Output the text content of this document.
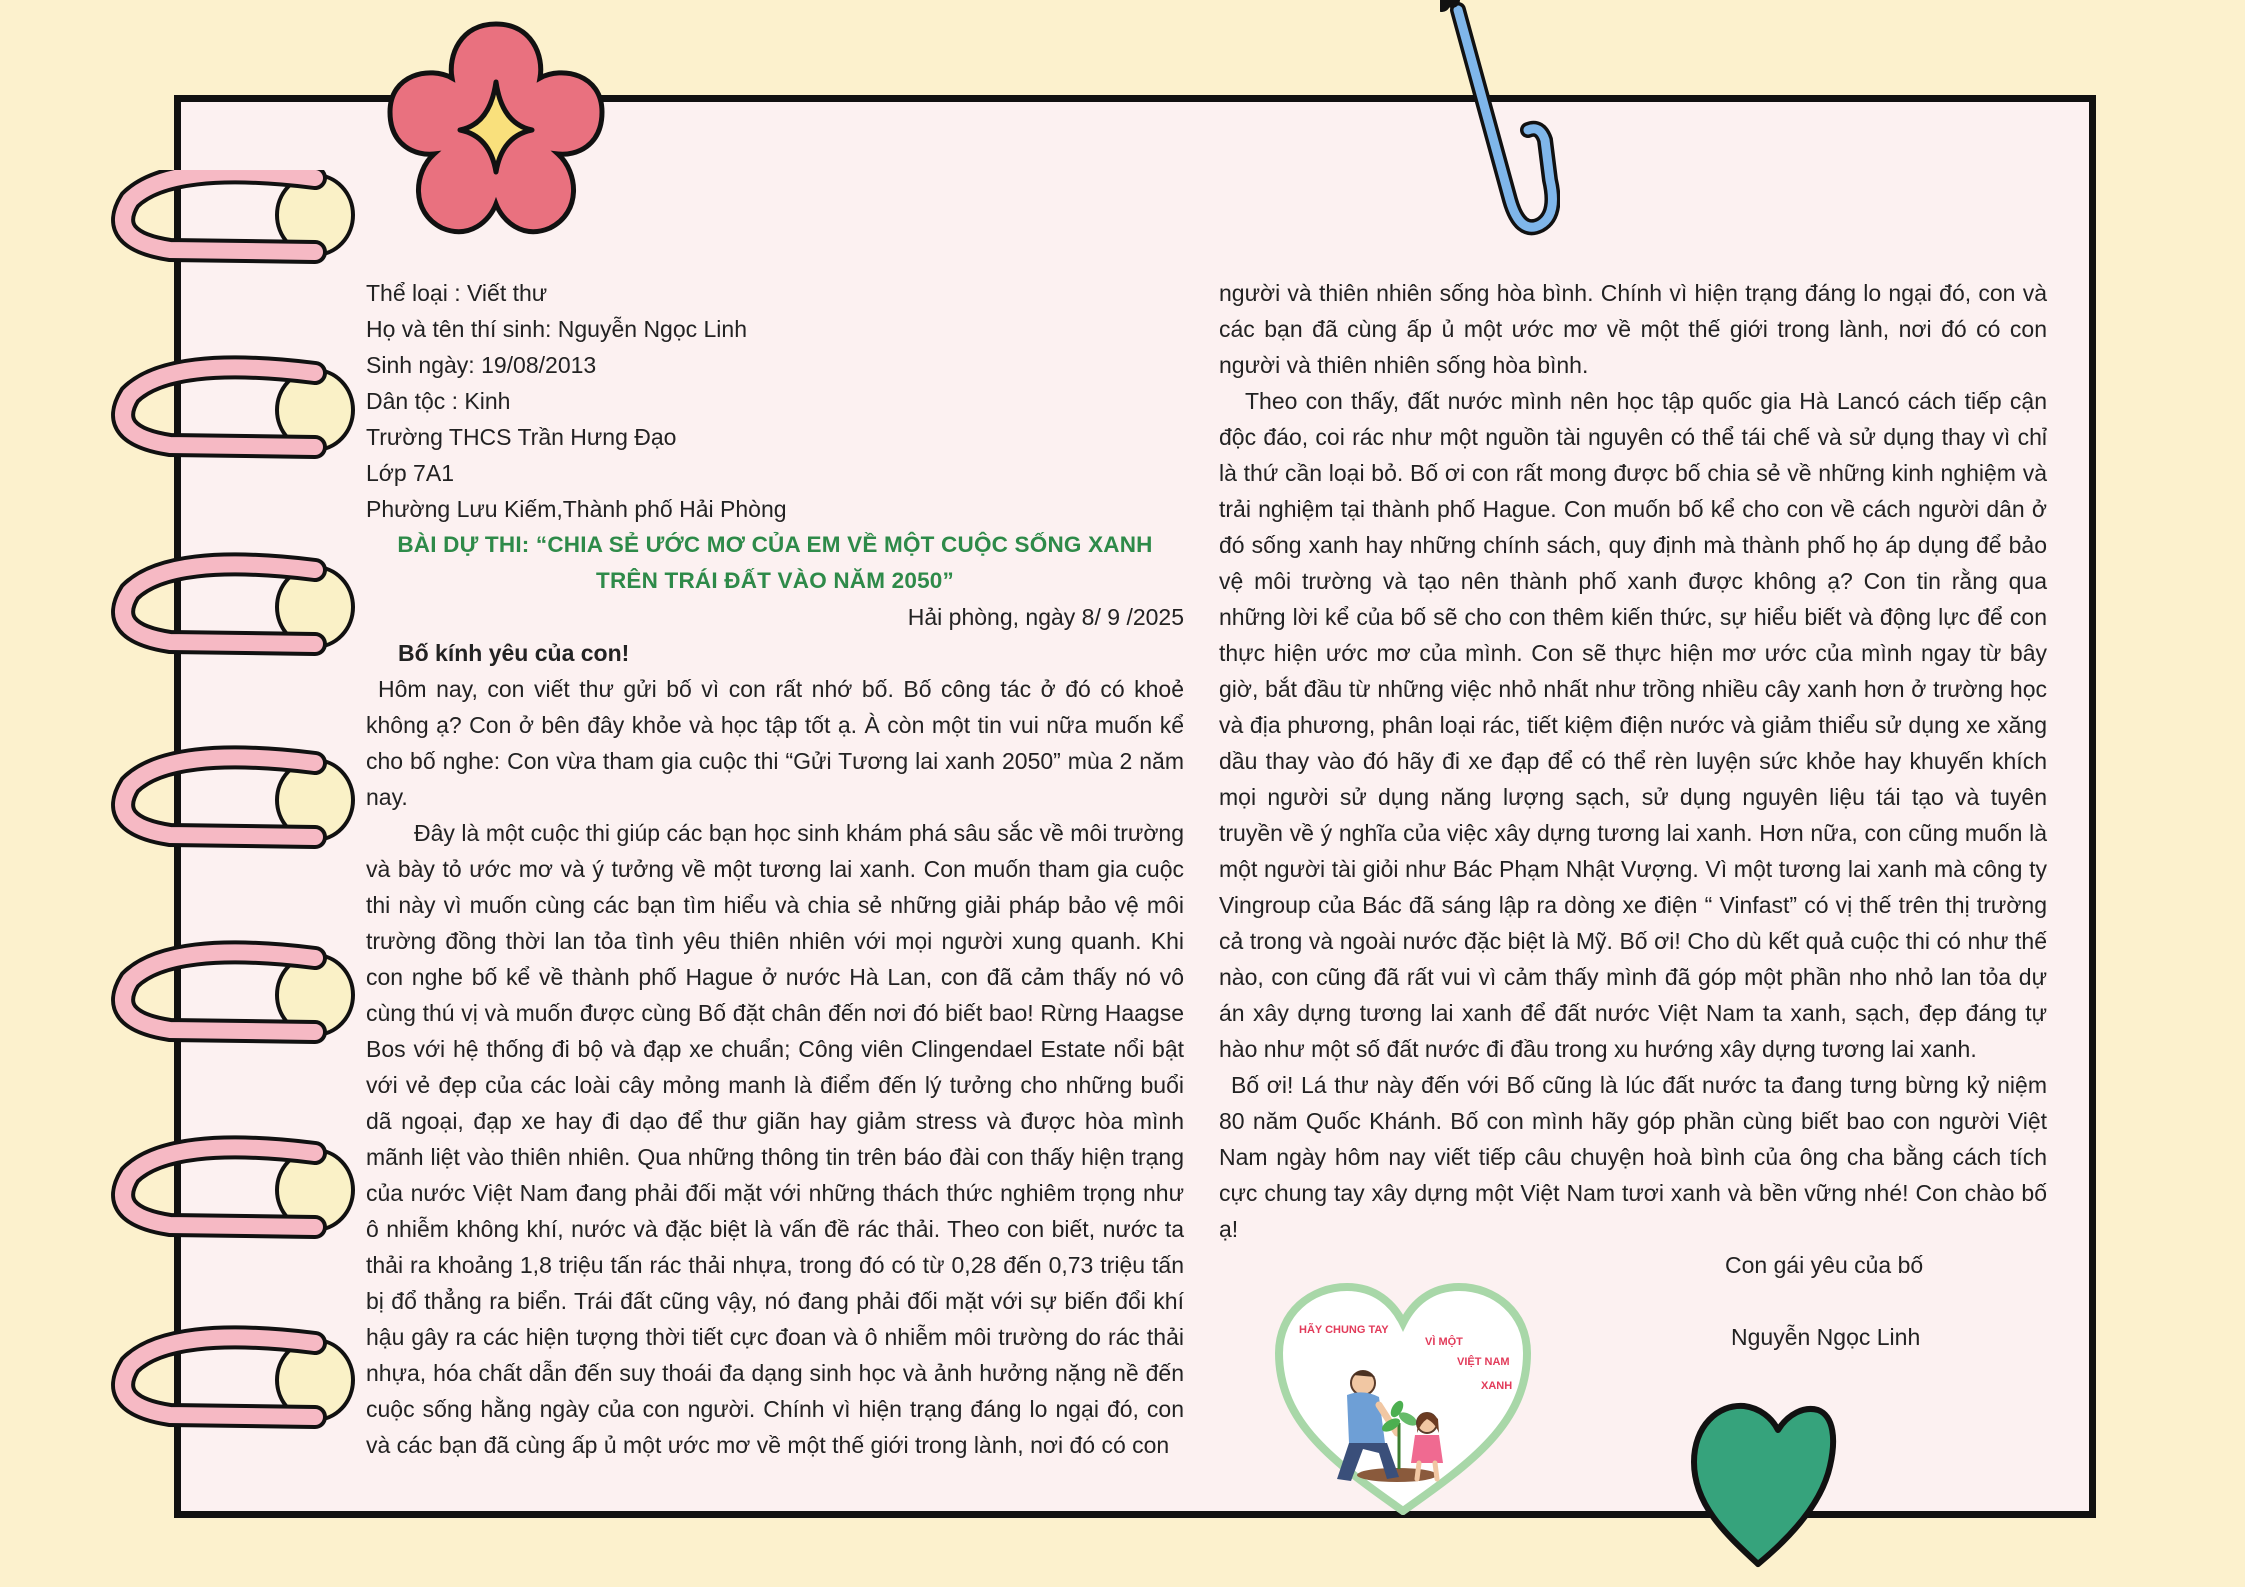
Thể loại : Viết thư
Họ và tên thí sinh: Nguyễn Ngọc Linh
Sinh ngày: 19/08/2013
Dân tộc : Kinh
Trường THCS Trần Hưng Đạo
Lớp 7A1
Phường Lưu Kiếm,Thành phố Hải Phòng
BÀI DỰ THI: “CHIA SẺ ƯỚC MƠ CỦA EM VỀ MỘT CUỘC SỐNG XANH
TRÊN TRÁI ĐẤT VÀO NĂM 2050”
Hải phòng, ngày 8/ 9 /2025
Bố kính yêu của con!

Hôm nay, con viết thư gửi bố vì con rất nhớ bố. Bố công tác ở đó có khoẻ không ạ? Con ở bên đây khỏe và học tập tốt ạ. À còn một tin vui nữa muốn kể cho bố nghe: Con vừa tham gia cuộc thi “Gửi Tương lai xanh 2050” mùa 2 năm nay.

Đây là một cuộc thi giúp các bạn học sinh khám phá sâu sắc về môi trường và bày tỏ ước mơ và ý tưởng về một tương lai xanh. Con muốn tham gia cuộc thi này vì muốn cùng các bạn tìm hiểu và chia sẻ những giải pháp bảo vệ môi trường đồng thời lan tỏa tình yêu thiên nhiên với mọi người xung quanh. Khi con nghe bố kể về thành phố Hague ở nước Hà Lan, con đã cảm thấy nó vô cùng thú vị và muốn được cùng Bố đặt chân đến nơi đó biết bao! Rừng Haagse Bos với hệ thống đi bộ và đạp xe chuẩn; Công viên Clingendael Estate nổi bật với vẻ đẹp của các loài cây mỏng manh là điểm đến lý tưởng cho những buổi dã ngoại, đạp xe hay đi dạo để thư giãn hay giảm stress và được hòa mình mãnh liệt vào thiên nhiên. Qua những thông tin trên báo đài con thấy hiện trạng của nước Việt Nam đang phải đối mặt với những thách thức nghiêm trọng như ô nhiễm không khí, nước và đặc biệt là vấn đề rác thải. Theo con biết, nước ta thải ra khoảng 1,8 triệu tấn rác thải nhựa, trong đó có từ 0,28 đến 0,73 triệu tấn bị đổ thẳng ra biển. Trái đất cũng vậy, nó đang phải đối mặt với sự biến đổi khí hậu gây ra các hiện tượng thời tiết cực đoan và ô nhiễm môi trường do rác thải nhựa, hóa chất dẫn đến suy thoái đa dạng sinh học và ảnh hưởng nặng nề đến cuộc sống hằng ngày của con người. Chính vì hiện trạng đáng lo ngại đó, con và các bạn đã cùng ấp ủ một ước mơ về một thế giới trong lành, nơi đó có con

người và thiên nhiên sống hòa bình. Chính vì hiện trạng đáng lo ngại đó, con và các bạn đã cùng ấp ủ một ước mơ về một thế giới trong lành, nơi đó có con người và thiên nhiên sống hòa bình.

Theo con thấy, đất nước mình nên học tập quốc gia Hà Lancó cách tiếp cận độc đáo, coi rác như một nguồn tài nguyên có thể tái chế và sử dụng thay vì chỉ là thứ cần loại bỏ. Bố ơi con rất mong được bố chia sẻ về những kinh nghiệm và trải nghiệm tại thành phố Hague. Con muốn bố kể cho con về cách người dân ở đó sống xanh hay những chính sách, quy định mà thành phố họ áp dụng để bảo vệ môi trường và tạo nên thành phố xanh được không ạ? Con tin rằng qua những lời kể của bố sẽ cho con thêm kiến thức, sự hiểu biết và động lực để con thực hiện ước mơ của mình. Con sẽ thực hiện mơ ước của mình ngay từ bây giờ, bắt đầu từ những việc nhỏ nhất như trồng nhiều cây xanh hơn ở trường học và địa phương, phân loại rác, tiết kiệm điện nước và giảm thiểu sử dụng xe xăng dầu thay vào đó hãy đi xe đạp để có thể rèn luyện sức khỏe hay khuyến khích mọi người sử dụng năng lượng sạch, sử dụng nguyên liệu tái tạo và tuyên truyền về ý nghĩa của việc xây dựng tương lai xanh. Hơn nữa, con cũng muốn là một người tài giỏi như Bác Phạm Nhật Vượng. Vì một tương lai xanh mà công ty Vingroup của Bác đã sáng lập ra dòng xe điện “ Vinfast” có vị thế trên thị trường cả trong và ngoài nước đặc biệt là Mỹ. Bố ơi! Cho dù kết quả cuộc thi có như thế nào, con cũng đã rất vui vì cảm thấy mình đã góp một phần nho nhỏ lan tỏa dự án xây dựng tương lai xanh để đất nước Việt Nam ta xanh, sạch, đẹp đáng tự hào như một số đất nước đi đầu trong xu hướng xây dựng tương lai xanh.

Bố ơi! Lá thư này đến với Bố cũng là lúc đất nước ta đang tưng bừng kỷ niệm 80 năm Quốc Khánh. Bố con mình hãy góp phần cùng biết bao con người Việt Nam ngày hôm nay viết tiếp câu chuyện hoà bình của ông cha bằng cách tích cực chung tay xây dựng một Việt Nam tươi xanh và bền vững nhé! Con chào bố ạ!

Con gái yêu của bố
Nguyễn Ngọc Linh
HÃY CHUNG TAY
VÌ MỘT
VIỆT NAM
XANH
